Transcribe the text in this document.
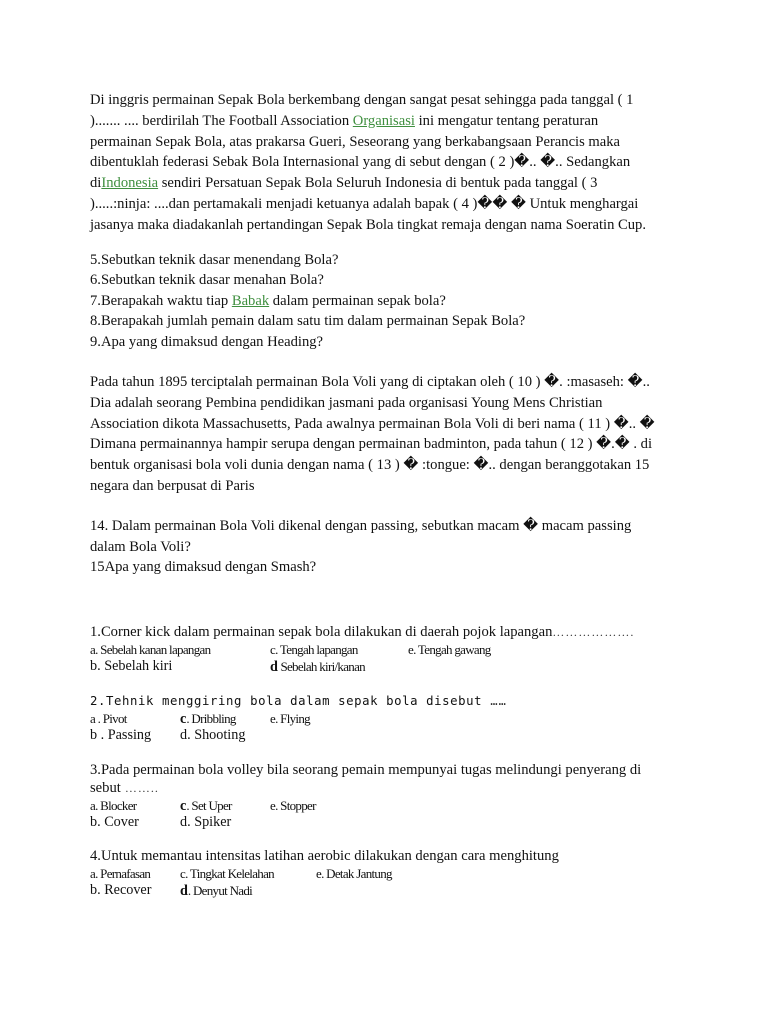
Di inggris permainan Sepak Bola berkembang dengan sangat pesat sehingga pada tanggal ( 1
)....... .... berdirilah The Football Association Organisasi ini mengatur tentang peraturan
permainan Sepak Bola, atas prakarsa Gueri, Seseorang yang berkabangsaan Perancis maka
dibentuklah federasi Sebak Bola Internasional yang di sebut dengan ( 2 )�.. �.. Sedangkan
diIndonesia sendiri Persatuan Sepak Bola Seluruh Indonesia di bentuk pada tanggal ( 3
).....:ninja: ....dan pertamakali menjadi ketuanya adalah bapak ( 4 )�� � Untuk menghargai
jasanya maka diadakanlah pertandingan Sepak Bola tingkat remaja dengan nama Soeratin Cup.
5.Sebutkan teknik dasar menendang Bola?
6.Sebutkan teknik dasar menahan Bola?
7.Berapakah waktu tiap Babak dalam permainan sepak bola?
8.Berapakah jumlah pemain dalam satu tim dalam permainan Sepak Bola?
9.Apa yang dimaksud dengan Heading?
Pada tahun 1895 terciptalah permainan Bola Voli yang di ciptakan oleh ( 10 ) �. :masaseh: �..
Dia adalah seorang Pembina pendidikan jasmani pada organisasi Young Mens Christian
Association dikota Massachusetts, Pada awalnya permainan Bola Voli di beri nama ( 11 ) �.. �
Dimana permainannya hampir serupa dengan permainan badminton, pada tahun ( 12 ) �.� . di
bentuk organisasi bola voli dunia dengan nama ( 13 ) � :tongue: �.. dengan beranggotakan 15
negara dan berpusat di Paris
14. Dalam permainan Bola Voli dikenal dengan passing, sebutkan macam � macam passing
dalam Bola Voli?
15Apa yang dimaksud dengan Smash?
1.Corner kick dalam permainan sepak bola dilakukan di daerah pojok lapangan……………….
a. Sebelah kanan lapangan	c. Tengah lapangan	e. Tengah gawang
b. Sebelah kiri	d Sebelah kiri/kanan
2.Tehnik menggiring bola dalam sepak bola disebut ……
a . Pivot	c. Dribbling	e. Flying
b . Passing d. Shooting
3.Pada permainan bola volley bila seorang pemain mempunyai tugas melindungi penyerang di
sebut ……..
a. Blocker	c. Set Uper	e. Stopper
b. Cover	d. Spiker
4.Untuk memantau intensitas latihan aerobic dilakukan dengan cara menghitung
a. Pernafasan c. Tingkat Kelelahan	e. Detak Jantung
b. Recover d. Denyut Nadi
